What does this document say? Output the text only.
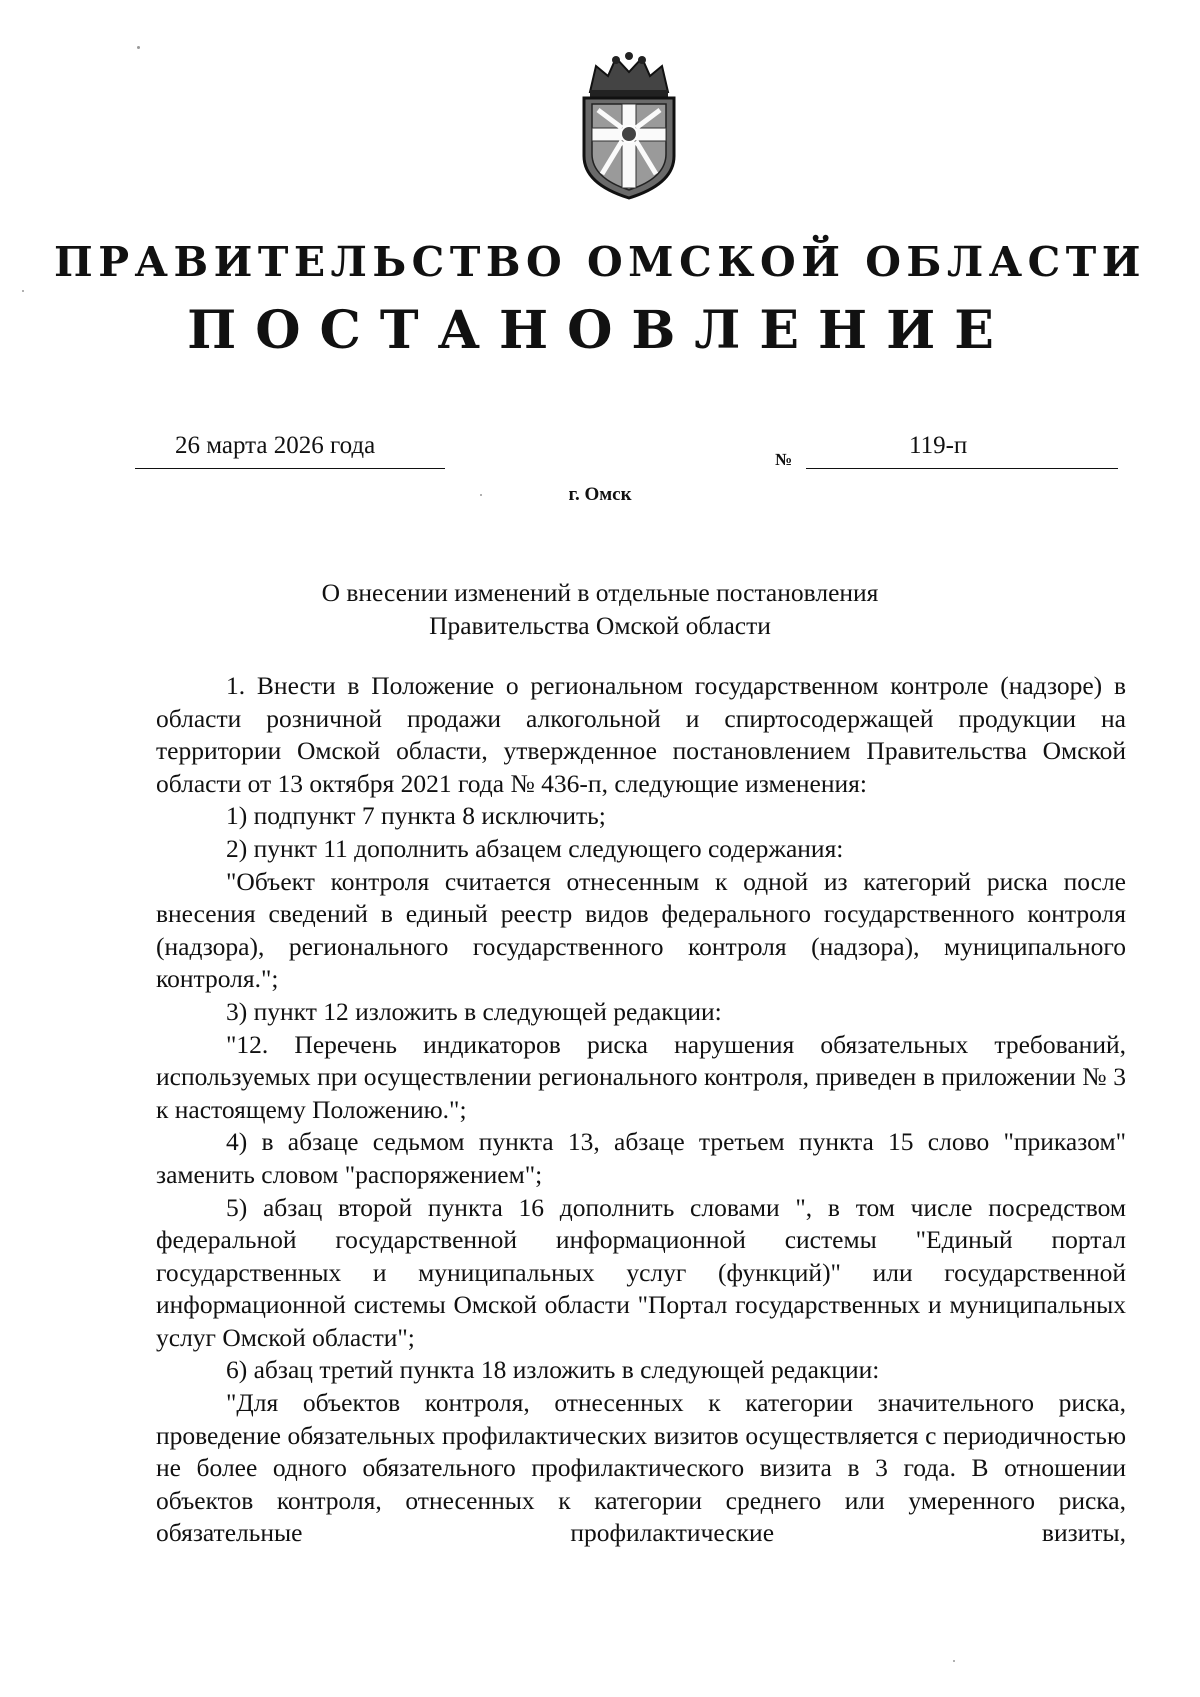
ПРАВИТЕЛЬСТВО ОМСКОЙ ОБЛАСТИ
ПОСТАНОВЛЕНИЕ
26 марта 2026 года
№
119-п
г. Омск
О внесении изменений в отдельные постановления
Правительства Омской области

1. Внести в Положение о региональном государственном контроле (надзоре) в области розничной продажи алкогольной и спиртосодержащей продукции на территории Омской области, утвержденное постановлением Правительства Омской области от 13 октября 2021 года № 436-п, следующие изменения:

1) подпункт 7 пункта 8 исключить;

2) пункт 11 дополнить абзацем следующего содержания:

"Объект контроля считается отнесенным к одной из категорий риска после внесения сведений в единый реестр видов федерального государственного контроля (надзора), регионального государственного контроля (надзора), муниципального контроля.";

3) пункт 12 изложить в следующей редакции:

"12. Перечень индикаторов риска нарушения обязательных требований, используемых при осуществлении регионального контроля, приведен в приложении № 3 к настоящему Положению.";

4) в абзаце седьмом пункта 13, абзаце третьем пункта 15 слово "приказом" заменить словом "распоряжением";

5) абзац второй пункта 16 дополнить словами ", в том числе посредством федеральной государственной информационной системы "Единый портал государственных и муниципальных услуг (функций)" или государственной информационной системы Омской области "Портал государственных и муниципальных услуг Омской области";

6) абзац третий пункта 18 изложить в следующей редакции:

"Для объектов контроля, отнесенных к категории значительного риска, проведение обязательных профилактических визитов осуществляется с периодичностью не более одного обязательного профилактического визита в 3 года. В отношении объектов контроля, отнесенных к категории среднего или умеренного риска, обязательные профилактические визиты,
